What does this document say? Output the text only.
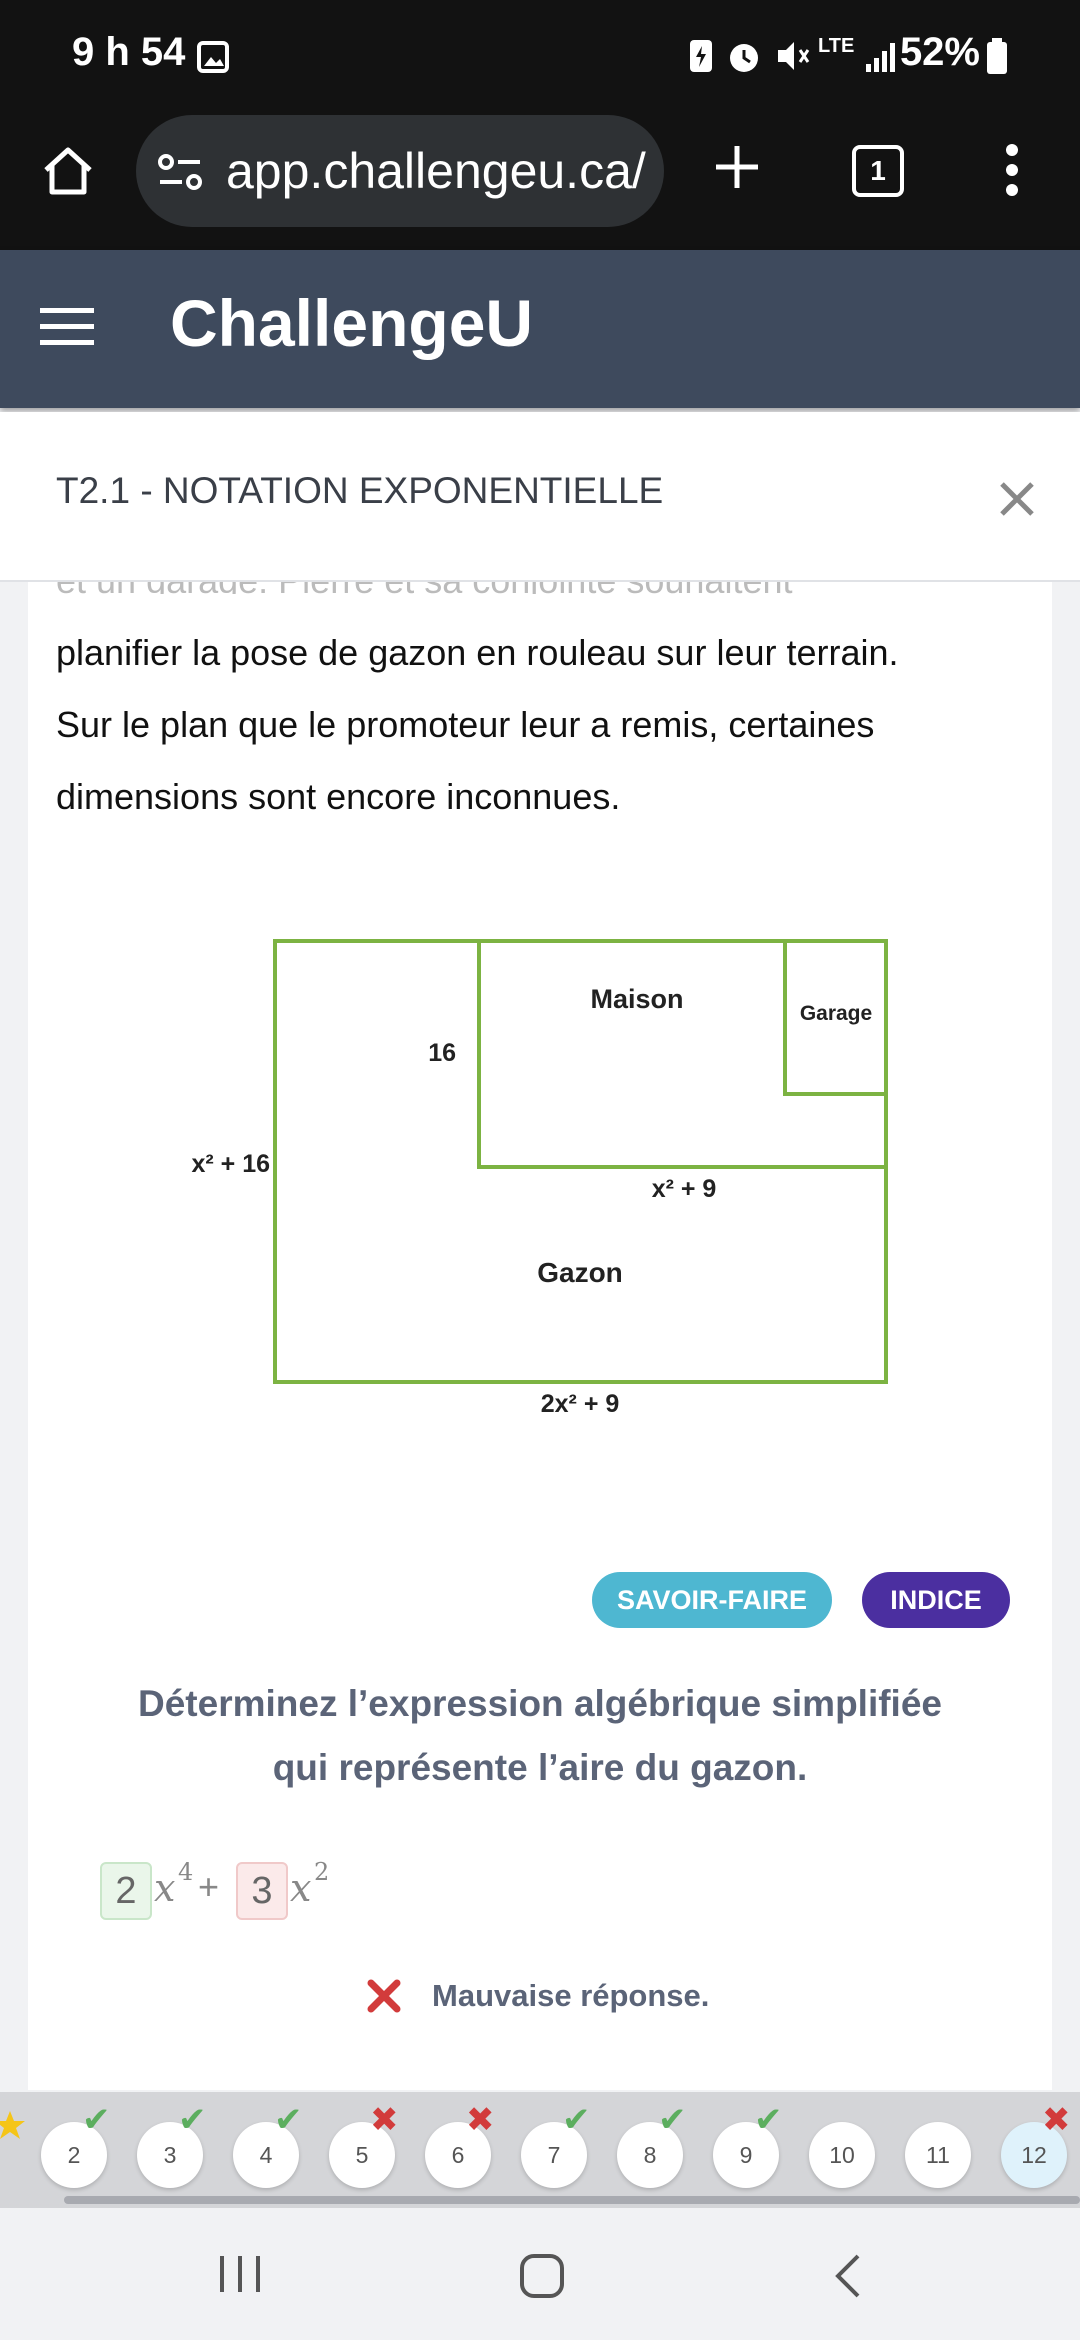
9 h 54	LTE 52%
app.challengeu.ca/	1
ChallengeU
planifier la pose de gazon en rouleau sur leur terrain.
Sur le plan que le promoteur leur a remis, certaines
dimensions sont encore inconnues.
Maison	Garage
16
x² + 16
x² + 9
Gazon
2x² + 9
SAVOIR-FAIRE	INDICE
Déterminez l’expression algébrique simplifiée
qui représente l’aire du gazon.
2 x 4 + 3 x 2
Mauvaise réponse.
T2.1 - NOTATION EXPONENTIELLE
2
✔
3
✔
4
✔
5
✖
6
✖
7
✔
8
✔
9
✔
10	11	12
✖
